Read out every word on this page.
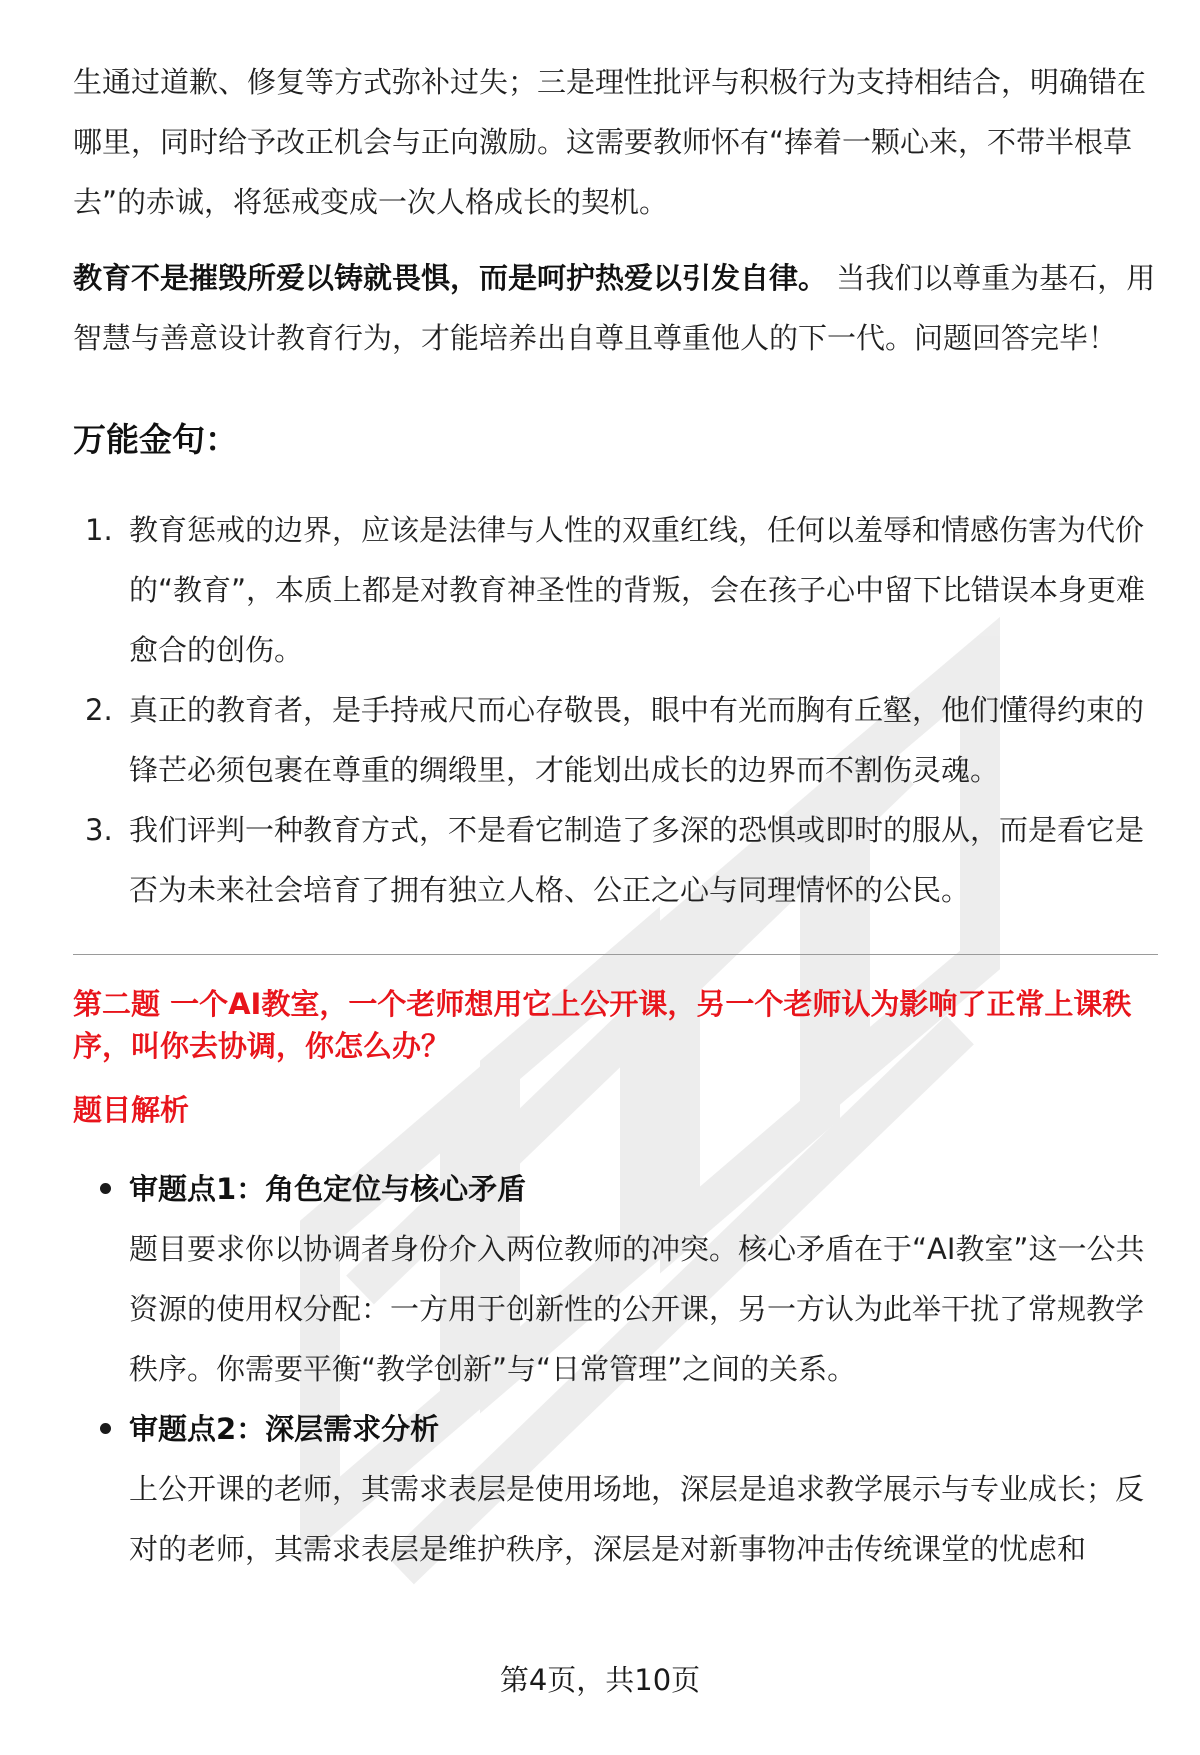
生通过道歉、修复等方式弥补过失；三是理性批评与积极行为支持相结合，明确错在哪里，同时给予改正机会与正向激励。这需要教师怀有“捧着一颗心来，不带半根草去”的赤诚，将惩戒变成一次人格成长的契机。

教育不是摧毁所爱以铸就畏惧，而是呵护热爱以引发自律。 当我们以尊重为基石，用智慧与善意设计教育行为，才能培养出自尊且尊重他人的下一代。问题回答完毕！

万能金句：
1. 教育惩戒的边界，应该是法律与人性的双重红线，任何以羞辱和情感伤害为代价的“教育”，本质上都是对教育神圣性的背叛，会在孩子心中留下比错误本身更难愈合的创伤。
2. 真正的教育者，是手持戒尺而心存敬畏，眼中有光而胸有丘壑，他们懂得约束的锋芒必须包裹在尊重的绸缎里，才能划出成长的边界而不割伤灵魂。
3. 我们评判一种教育方式，不是看它制造了多深的恐惧或即时的服从，而是看它是否为未来社会培育了拥有独立人格、公正之心与同理情怀的公民。

第二题 一个AI教室，一个老师想用它上公开课，另一个老师认为影响了正常上课秩序，叫你去协调，你怎么办？

题目解析

审题点1：角色定位与核心矛盾
题目要求你以协调者身份介入两位教师的冲突。核心矛盾在于“AI教室”这一公共资源的使用权分配：一方用于创新性的公开课，另一方认为此举干扰了常规教学秩序。你需要平衡“教学创新”与“日常管理”之间的关系。
审题点2：深层需求分析
上公开课的老师，其需求表层是使用场地，深层是追求教学展示与专业成长；反对的老师，其需求表层是维护秩序，深层是对新事物冲击传统课堂的忧虑和
第4页，共10页
